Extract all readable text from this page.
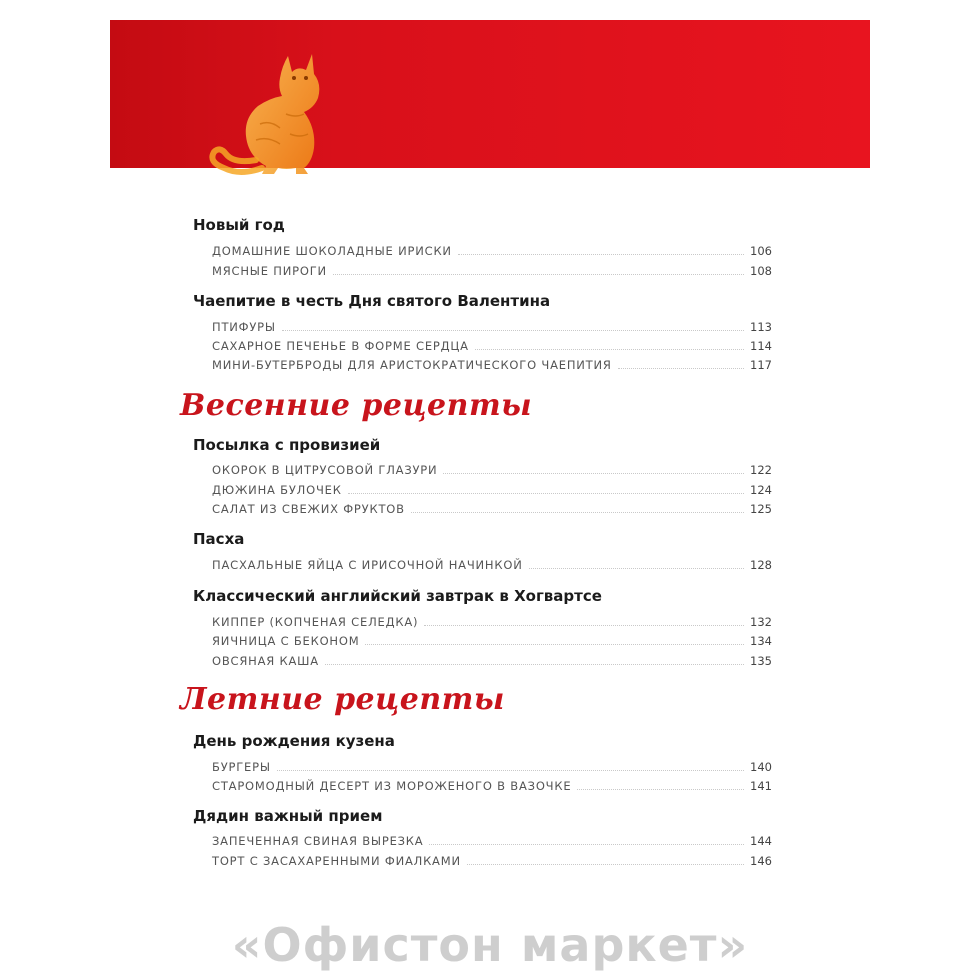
Новый год
ДОМАШНИЕ ШОКОЛАДНЫЕ ИРИСКИ	106
МЯСНЫЕ ПИРОГИ	108
Чаепитие в честь Дня святого Валентина
ПТИФУРЫ	113
САХАРНОЕ ПЕЧЕНЬЕ В ФОРМЕ СЕРДЦА	114
МИНИ-БУТЕРБРОДЫ ДЛЯ АРИСТОКРАТИЧЕСКОГО ЧАЕПИТИЯ	117
Весенние рецепты
Посылка с провизией
ОКОРОК В ЦИТРУСОВОЙ ГЛАЗУРИ	122
ДЮЖИНА БУЛОЧЕК	124
САЛАТ ИЗ СВЕЖИХ ФРУКТОВ	125
Пасха
ПАСХАЛЬНЫЕ ЯЙЦА С ИРИСОЧНОЙ НАЧИНКОЙ	128
Классический английский завтрак в Хогвартсе
КИППЕР (КОПЧЕНАЯ СЕЛЕДКА)	132
ЯИЧНИЦА С БЕКОНОМ	134
ОВСЯНАЯ КАША	135
Летние рецепты
День рождения кузена
БУРГЕРЫ	140
СТАРОМОДНЫЙ ДЕСЕРТ ИЗ МОРОЖЕНОГО В ВАЗОЧКЕ	141
Дядин важный прием
ЗАПЕЧЕННАЯ СВИНАЯ ВЫРЕЗКА	144
ТОРТ С ЗАСАХАРЕННЫМИ ФИАЛКАМИ	146
«Офистон маркет»
